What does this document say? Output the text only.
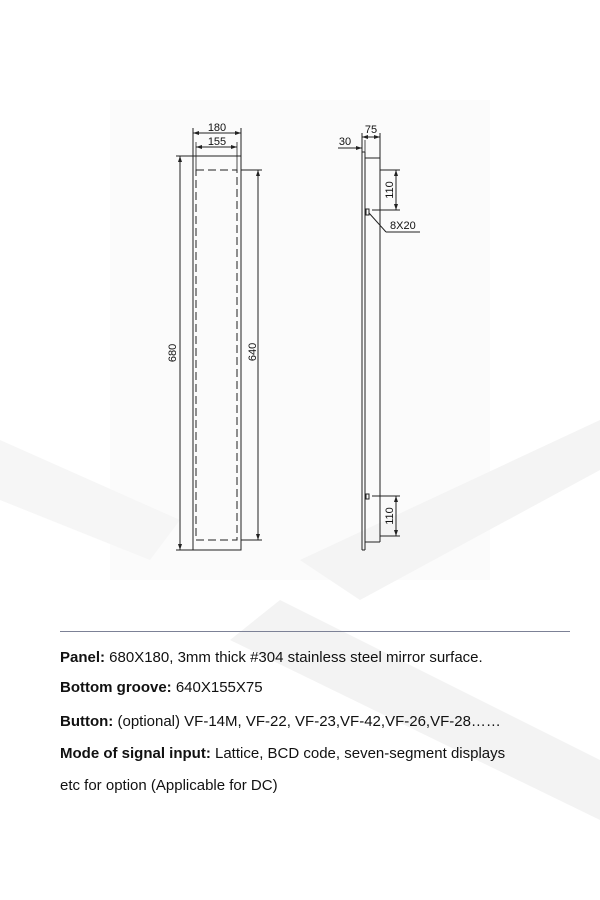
180
155
680	640
75
30
110
8X20
110

Panel: 680X180, 3mm thick #304 stainless steel mirror surface.

Bottom groove: 640X155X75

Button: (optional) VF-14M, VF-22, VF-23,VF-42,VF-26,VF-28……

Mode of signal input: Lattice, BCD code, seven-segment displays

etc for option (Applicable for DC)
